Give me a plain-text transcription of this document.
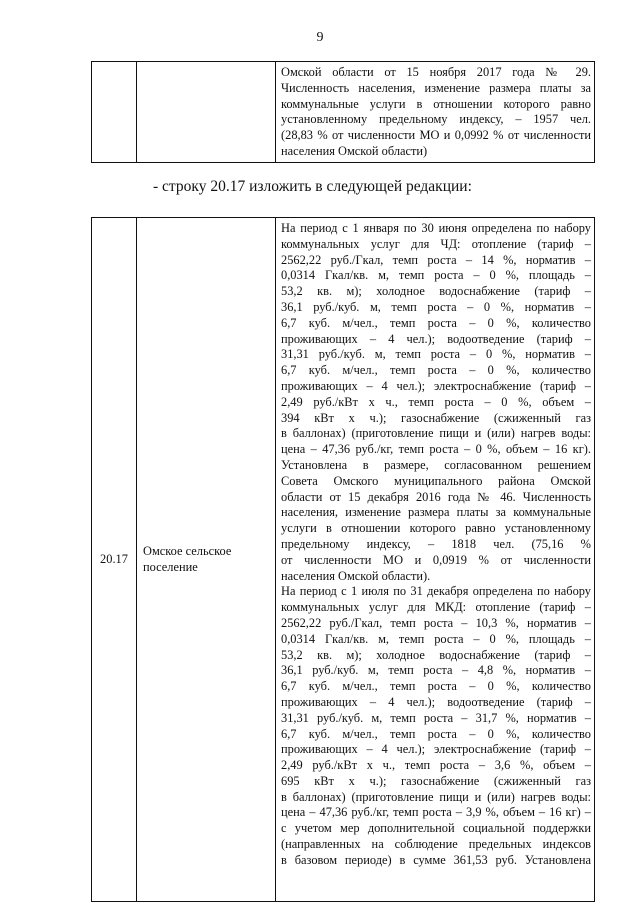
9

Омской области от 15 ноября 2017 года № 29.
Численность населения, изменение размера платы за
коммунальные услуги в отношении которого равно
установленному предельному индексу, – 1957 чел.
(28,83 % от численности МО и 0,0992 % от численности
населения Омской области)
- строку 20.17 изложить в следующей редакции:
20.17	
Омское сельское
поселение

На период с 1 января по 30 июня определена по набору
коммунальных услуг для ЧД: отопление (тариф –
2562,22 руб./Гкал, темп роста – 14 %, норматив –
0,0314 Гкал/кв. м, темп роста – 0 %, площадь –
53,2 кв. м); холодное водоснабжение (тариф –
36,1 руб./куб. м, темп роста – 0 %, норматив –
6,7 куб. м/чел., темп роста – 0 %, количество
проживающих – 4 чел.); водоотведение (тариф –
31,31 руб./куб. м, темп роста – 0 %, норматив –
6,7 куб. м/чел., темп роста – 0 %, количество
проживающих – 4 чел.); электроснабжение (тариф –
2,49 руб./кВт х ч., темп роста – 0 %, объем –
394 кВт х ч.); газоснабжение (сжиженный газ
в баллонах) (приготовление пищи и (или) нагрев воды:
цена – 47,36 руб./кг, темп роста – 0 %, объем – 16 кг).
Установлена в размере, согласованном решением
Совета Омского муниципального района Омской
области от 15 декабря 2016 года № 46. Численность
населения, изменение размера платы за коммунальные
услуги в отношении которого равно установленному
предельному индексу, – 1818 чел. (75,16 %
от численности МО и 0,0919 % от численности
населения Омской области).
На период с 1 июля по 31 декабря определена по набору
коммунальных услуг для МКД: отопление (тариф –
2562,22 руб./Гкал, темп роста – 10,3 %, норматив –
0,0314 Гкал/кв. м, темп роста – 0 %, площадь –
53,2 кв. м); холодное водоснабжение (тариф –
36,1 руб./куб. м, темп роста – 4,8 %, норматив –
6,7 куб. м/чел., темп роста – 0 %, количество
проживающих – 4 чел.); водоотведение (тариф –
31,31 руб./куб. м, темп роста – 31,7 %, норматив –
6,7 куб. м/чел., темп роста – 0 %, количество
проживающих – 4 чел.); электроснабжение (тариф –
2,49 руб./кВт х ч., темп роста – 3,6 %, объем –
695 кВт х ч.); газоснабжение (сжиженный газ
в баллонах) (приготовление пищи и (или) нагрев воды:
цена – 47,36 руб./кг, темп роста – 3,9 %, объем – 16 кг) –
с учетом мер дополнительной социальной поддержки
(направленных на соблюдение предельных индексов
в базовом периоде) в сумме 361,53 руб. Установлена
